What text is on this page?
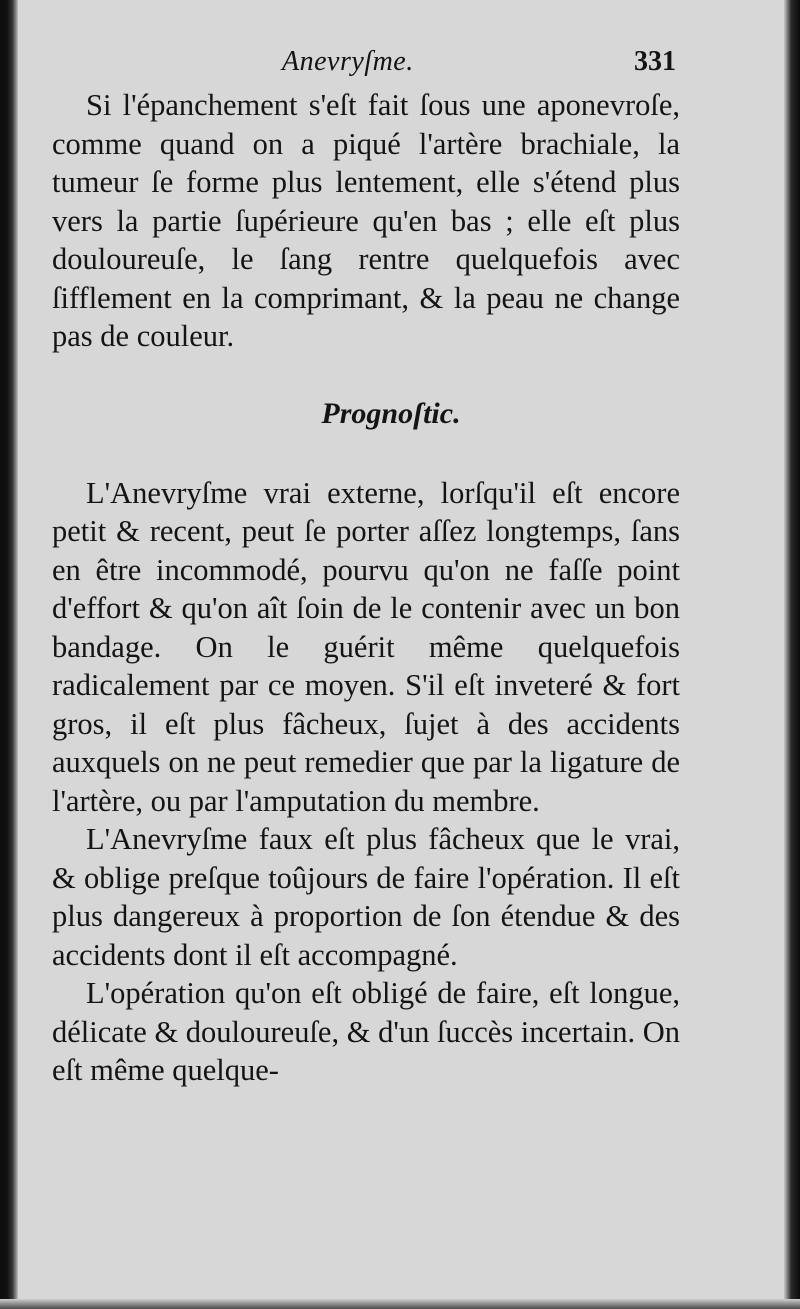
Anevryſme.	331

Si l'épanchement s'eſt fait ſous une aponevroſe, comme quand on a piqué l'artère brachiale, la tumeur ſe forme plus lentement, elle s'étend plus vers la partie ſupérieure qu'en bas ; elle eſt plus douloureuſe, le ſang rentre quelquefois avec ſifflement en la comprimant, & la peau ne change pas de couleur.

Prognoſtic.

L'Anevryſme vrai externe, lorſqu'il eſt encore petit & recent, peut ſe porter aſſez longtemps, ſans en être incommodé, pourvu qu'on ne faſſe point d'effort & qu'on aît ſoin de le contenir avec un bon bandage. On le guérit même quelquefois radicalement par ce moyen. S'il eſt inveteré & fort gros, il eſt plus fâcheux, ſujet à des accidents auxquels on ne peut remedier que par la ligature de l'artère, ou par l'amputation du membre.

L'Anevryſme faux eſt plus fâcheux que le vrai, & oblige preſque toûjours de faire l'opération. Il eſt plus dangereux à proportion de ſon étendue & des accidents dont il eſt accompagné.

L'opération qu'on eſt obligé de faire, eſt longue, délicate & douloureuſe, & d'un ſuccès incertain. On eſt même quelque-
